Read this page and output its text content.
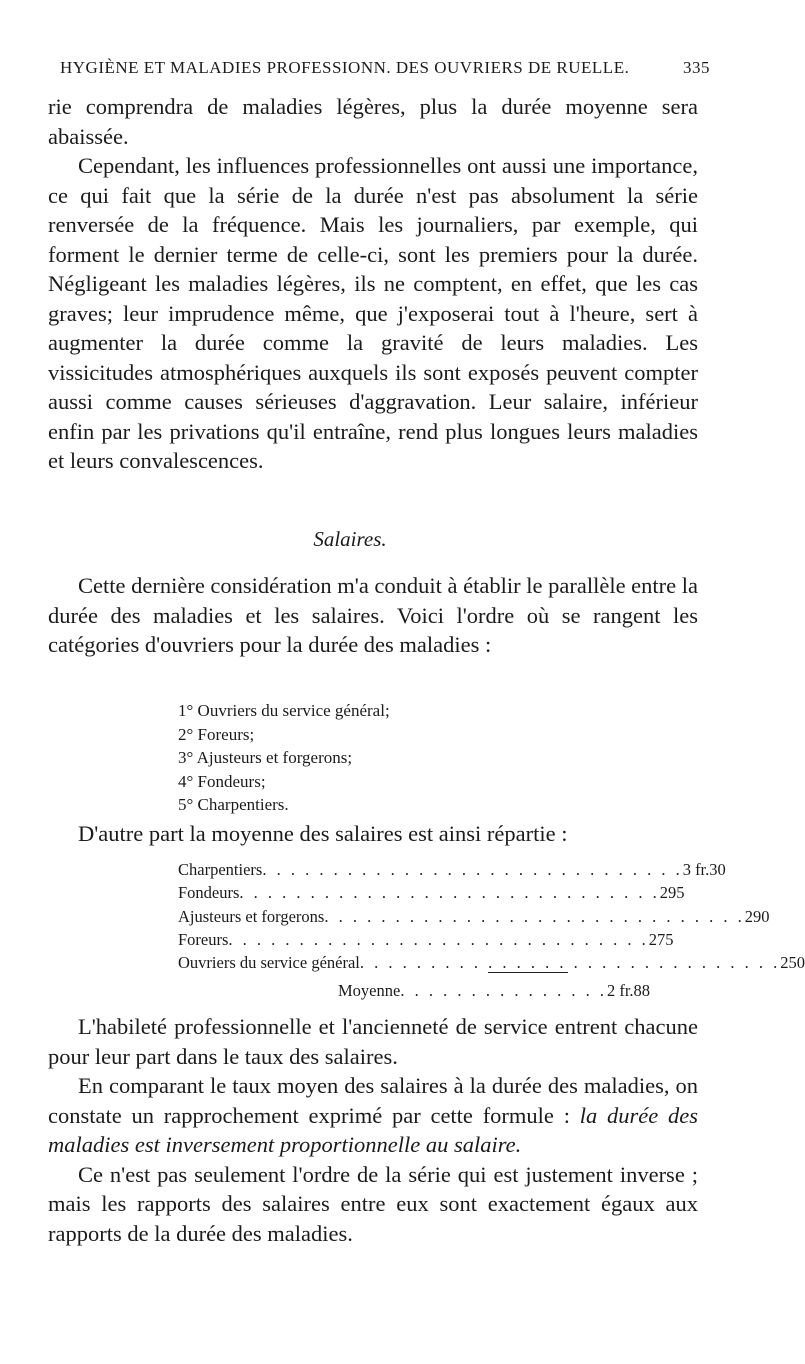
HYGIÈNE ET MALADIES PROFESSIONN. DES OUVRIERS DE RUELLE.	335

rie comprendra de maladies légères, plus la durée moyenne sera abaissée.

Cependant, les influences professionnelles ont aussi une importance, ce qui fait que la série de la durée n'est pas absolument la série renversée de la fréquence. Mais les journaliers, par exemple, qui forment le dernier terme de celle-ci, sont les premiers pour la durée. Négligeant les maladies légères, ils ne comptent, en effet, que les cas graves; leur imprudence même, que j'exposerai tout à l'heure, sert à augmenter la durée comme la gravité de leurs maladies. Les vissicitudes atmosphériques auxquels ils sont exposés peuvent compter aussi comme causes sérieuses d'aggravation. Leur salaire, inférieur enfin par les privations qu'il entraîne, rend plus longues leurs maladies et leurs convalescences.

Salaires.

Cette dernière considération m'a conduit à établir le parallèle entre la durée des maladies et les salaires. Voici l'ordre où se rangent les catégories d'ouvriers pour la durée des maladies :

1° Ouvriers du service général;
2° Foreurs;
3° Ajusteurs et forgerons;
4° Fondeurs;
5° Charpentiers.

D'autre part la moyenne des salaires est ainsi répartie :

Charpentiers . . . . . . . . . . . . . . . . . . . . . . . . . . . . . . 3 fr. 30
Fondeurs . . . . . . . . . . . . . . . . . . . . . . . . . . . . . . 2 95
Ajusteurs et forgerons . . . . . . . . . . . . . . . . . . . . . . . . . . . . . . 2 90
Foreurs . . . . . . . . . . . . . . . . . . . . . . . . . . . . . . 2 75
Ouvriers du service général . . . . . . . . . . . . . . . . . . . . . . . . . . . . . . 2 50
Moyenne . . . . . . . . . . . . . . . 2 fr. 88

L'habileté professionnelle et l'ancienneté de service entrent chacune pour leur part dans le taux des salaires.

En comparant le taux moyen des salaires à la durée des maladies, on constate un rapprochement exprimé par cette formule : la durée des maladies est inversement proportionnelle au salaire.

Ce n'est pas seulement l'ordre de la série qui est justement inverse ; mais les rapports des salaires entre eux sont exactement égaux aux rapports de la durée des maladies.
